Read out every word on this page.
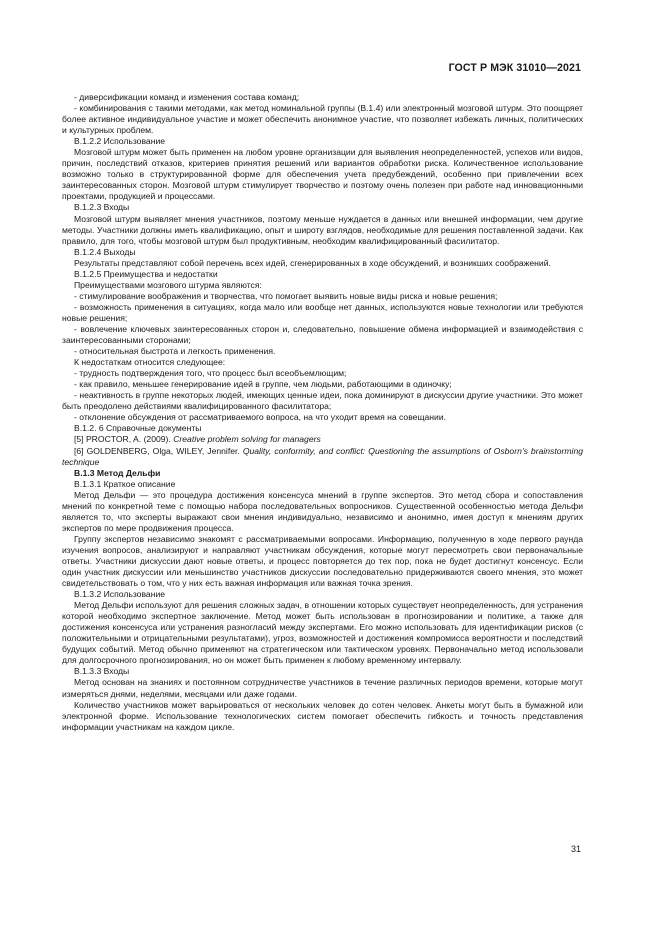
ГОСТ Р МЭК 31010—2021

- диверсификации команд и изменения состава команд;

- комбинирования с такими методами, как метод номинальной группы (B.1.4) или электронный мозговой штурм. Это поощряет более активное индивидуальное участие и может обеспечить анонимное участие, что позволяет избежать личных, политических и культурных проблем.

B.1.2.2 Использование

Мозговой штурм может быть применен на любом уровне организации для выявления неопределенностей, успехов или видов, причин, последствий отказов, критериев принятия решений или вариантов обработки риска. Количественное использование возможно только в структурированной форме для обеспечения учета предубеждений, особенно при привлечении всех заинтересованных сторон. Мозговой штурм стимулирует творчество и поэтому очень полезен при работе над инновационными проектами, продукцией и процессами.

B.1.2.3 Входы

Мозговой штурм выявляет мнения участников, поэтому меньше нуждается в данных или внешней информации, чем другие методы. Участники должны иметь квалификацию, опыт и широту взглядов, необходимые для решения поставленной задачи. Как правило, для того, чтобы мозговой штурм был продуктивным, необходим квалифицированный фасилитатор.

B.1.2.4 Выходы

Результаты представляют собой перечень всех идей, сгенерированных в ходе обсуждений, и возникших соображений.

B.1.2.5 Преимущества и недостатки

Преимуществами мозгового штурма являются:

- стимулирование воображения и творчества, что помогает выявить новые виды риска и новые решения;

- возможность применения в ситуациях, когда мало или вообще нет данных, используются новые технологии или требуются новые решения;

- вовлечение ключевых заинтересованных сторон и, следовательно, повышение обмена информацией и взаимодействия с заинтересованными сторонами;

- относительная быстрота и легкость применения.

К недостаткам относится следующее:

- трудность подтверждения того, что процесс был всеобъемлющим;

- как правило, меньшее генерирование идей в группе, чем людьми, работающими в одиночку;

- неактивность в группе некоторых людей, имеющих ценные идеи, пока доминируют в дискуссии другие участники. Это может быть преодолено действиями квалифицированного фасилитатора;

- отклонение обсуждения от рассматриваемого вопроса, на что уходит время на совещании.

B.1.2. 6 Справочные документы

[5] PROCTOR, A. (2009). Creative problem solving for managers

[6] GOLDENBERG, Olga, WILEY, Jennifer. Quality, conformity, and conflict: Questioning the assumptions of Osborn’s brainstorming technique

B.1.3 Метод Дельфи

B.1.3.1 Краткое описание

Метод Дельфи — это процедура достижения консенсуса мнений в группе экспертов. Это метод сбора и сопоставления мнений по конкретной теме с помощью набора последовательных вопросников. Существенной особенностью метода Дельфи является то, что эксперты выражают свои мнения индивидуально, независимо и анонимно, имея доступ к мнениям других экспертов по мере продвижения процесса.

Группу экспертов независимо знакомят с рассматриваемыми вопросами. Информацию, полученную в ходе первого раунда изучения вопросов, анализируют и направляют участникам обсуждения, которые могут пересмотреть свои первоначальные ответы. Участники дискуссии дают новые ответы, и процесс повторяется до тех пор, пока не будет достигнут консенсус. Если один участник дискуссии или меньшинство участников дискуссии последовательно придерживаются своего мнения, это может свидетельствовать о том, что у них есть важная информация или важная точка зрения.

B.1.3.2 Использование

Метод Дельфи используют для решения сложных задач, в отношении которых существует неопределенность, для устранения которой необходимо экспертное заключение. Метод может быть использован в прогнозировании и политике, а также для достижения консенсуса или устранения разногласий между экспертами. Его можно использовать для идентификации рисков (с положительными и отрицательными результатами), угроз, возможностей и достижения компромисса вероятности и последствий будущих событий. Метод обычно применяют на стратегическом или тактическом уровнях. Первоначально метод использовали для долгосрочного прогнозирования, но он может быть применен к любому временному интервалу.

B.1.3.3 Входы

Метод основан на знаниях и постоянном сотрудничестве участников в течение различных периодов времени, которые могут измеряться днями, неделями, месяцами или даже годами.

Количество участников может варьироваться от нескольких человек до сотен человек. Анкеты могут быть в бумажной или электронной форме. Использование технологических систем помогает обеспечить гибкость и точность представления информации участникам на каждом цикле.

31
